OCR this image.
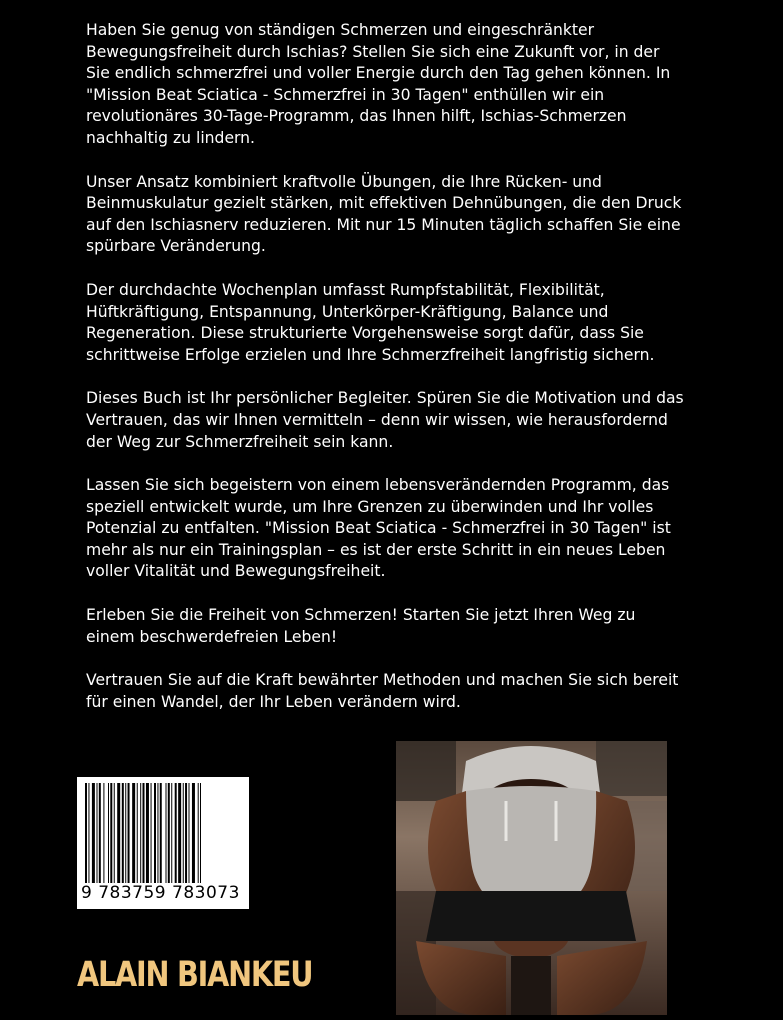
Haben Sie genug von ständigen Schmerzen und eingeschränkter Bewegungsfreiheit durch Ischias? Stellen Sie sich eine Zukunft vor, in der Sie endlich schmerzfrei und voller Energie durch den Tag gehen können. In "Mission Beat Sciatica - Schmerzfrei in 30 Tagen" enthüllen wir ein revolutionäres 30-Tage-Programm, das Ihnen hilft, Ischias-Schmerzen nachhaltig zu lindern.

Unser Ansatz kombiniert kraftvolle Übungen, die Ihre Rücken- und Beinmuskulatur gezielt stärken, mit effektiven Dehnübungen, die den Druck auf den Ischiasnerv reduzieren. Mit nur 15 Minuten täglich schaffen Sie eine spürbare Veränderung.

Der durchdachte Wochenplan umfasst Rumpfstabilität, Flexibilität, Hüftkräftigung, Entspannung, Unterkörper-Kräftigung, Balance und Regeneration. Diese strukturierte Vorgehensweise sorgt dafür, dass Sie schrittweise Erfolge erzielen und Ihre Schmerzfreiheit langfristig sichern.

Dieses Buch ist Ihr persönlicher Begleiter. Spüren Sie die Motivation und das Vertrauen, das wir Ihnen vermitteln – denn wir wissen, wie herausfordernd der Weg zur Schmerzfreiheit sein kann.

Lassen Sie sich begeistern von einem lebensverändernden Programm, das speziell entwickelt wurde, um Ihre Grenzen zu überwinden und Ihr volles Potenzial zu entfalten. "Mission Beat Sciatica - Schmerzfrei in 30 Tagen" ist mehr als nur ein Trainingsplan – es ist der erste Schritt in ein neues Leben voller Vitalität und Bewegungsfreiheit.

Erleben Sie die Freiheit von Schmerzen! Starten Sie jetzt Ihren Weg zu einem beschwerdefreien Leben!

Vertrauen Sie auf die Kraft bewährter Methoden und machen Sie sich bereit für einen Wandel, der Ihr Leben verändern wird.

9 783759 783073
ALAIN BIANKEU
